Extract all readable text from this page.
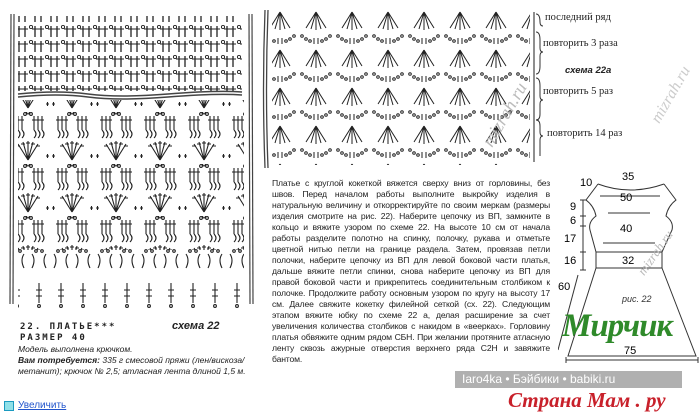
22. ПЛАТЬЕ***
РАЗМЕР 40
схема 22
Модель выполнена крючком.
Вам потребуется: 335 г смесовой пряжи (лен/вискоза/ метанит); крючок № 2,5; атласная лента длиной 1,5 м.
mizrah.ru
последний ряд
повторить 3 раза
схема 22а
повторить 5 раз
повторить 14 раз
mizrah.ru
Платье с круглой кокеткой вяжется сверху вниз от горловины, без швов. Перед началом работы выполните выкройку изделия в натуральную величину и откорректируйте по своим меркам (размеры изделия смотрите на рис. 22). Наберите цепочку из ВП, замкните в кольцо и вяжите узором по схеме 22. На высоте 10 см от начала работы разделите полотно на спинку, полочку, рукава и отметьте цветной нитью петли на границе раздела. Затем, провязав петли полочки, наберите цепочку из ВП для левой боковой части платья, дальше вяжите петли спинки, снова наберите цепочку из ВП для правой боковой части и прикрепитесь соединительным столбиком к полочке. Продолжите работу основным узором по кругу на высоту 17 см. Далее свяжите кокетку филейной сеткой (сх. 22). Следующим этапом вяжите юбку по схеме 22 а, делая расширение за счет увеличения количества столбиков с накидом в «веерках». Горловину платья обвяжите одним рядом СБН. При желании протяните атласную ленту сквозь ажурные отверстия верхнего ряда С2Н и завяжите бантом.
35
10
50
9
6
40
17
16	32
60
рис. 22
75
mizrah.ru
Мирчик
Iaro4ka • Бэйбики • babiki.ru
Страна Мам . ру
Увеличить
